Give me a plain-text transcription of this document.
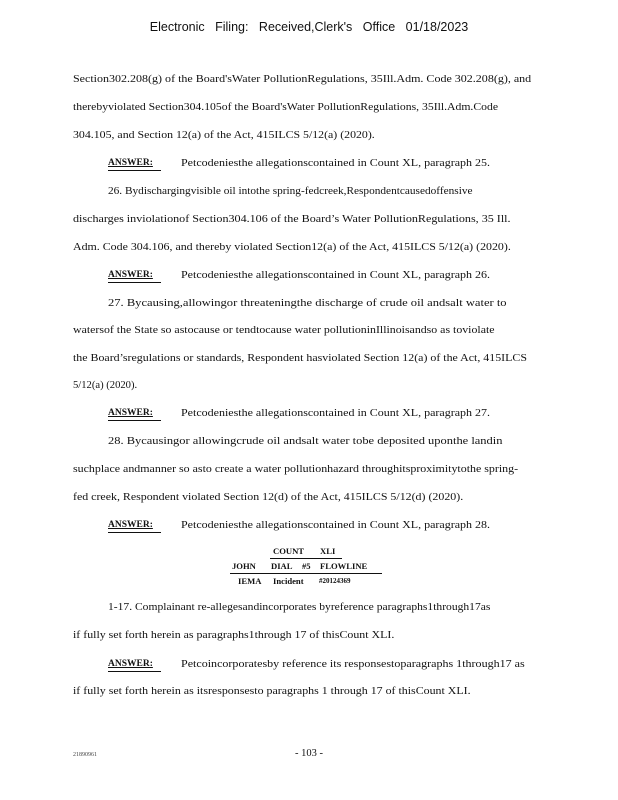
Electronic Filing: Received,Clerk's Office 01/18/2023
Section302.208(g) of the Board'sWater PollutionRegulations, 35Ill.Adm. Code 302.208(g), and
therebyviolated Section304.105of the Board'sWater PollutionRegulations, 35Ill.Adm.Code
304.105, and Section 12(a) of the Act, 415ILCS 5/12(a) (2020).
ANSWER:	Petcodeniesthe allegationscontained in Count XL, paragraph 25.
26. Bydischargingvisible oil intothe spring-fedcreek,Respondentcausedoffensive
discharges inviolationof Section304.106 of the Board’s Water PollutionRegulations, 35 Ill.
Adm. Code 304.106, and thereby violated Section12(a) of the Act, 415ILCS 5/12(a) (2020).
ANSWER:	Petcodeniesthe allegationscontained in Count XL, paragraph 26.
27. Bycausing,allowingor threateningthe discharge of crude oil andsalt water to
watersof the State so astocause or tendtocause water pollutioninIllinoisandso as toviolate
the Board’sregulations or standards, Respondent hasviolated Section 12(a) of the Act, 415ILCS
5/12(a) (2020).
ANSWER:	Petcodeniesthe allegationscontained in Count XL, paragraph 27.
28. Bycausingor allowingcrude oil andsalt water tobe deposited uponthe landin
suchplace andmanner so asto create a water pollutionhazard throughitsproximitytothe spring-
fed creek, Respondent violated Section 12(d) of the Act, 415ILCS 5/12(d) (2020).
ANSWER:	Petcodeniesthe allegationscontained in Count XL, paragraph 28.
COUNT XLI
JOHN DIAL #5 FLOWLINE
IEMA Incident #20124369
1-17. Complainant re-allegesandincorporates byreference paragraphs1through17as
if fully set forth herein as paragraphs1through 17 of thisCount XLI.
ANSWER:	Petcoincorporatesby reference its responsestoparagraphs 1through17 as
if fully set forth herein as itsresponsesto paragraphs 1 through 17 of thisCount XLI.
21890961	- 103 -
